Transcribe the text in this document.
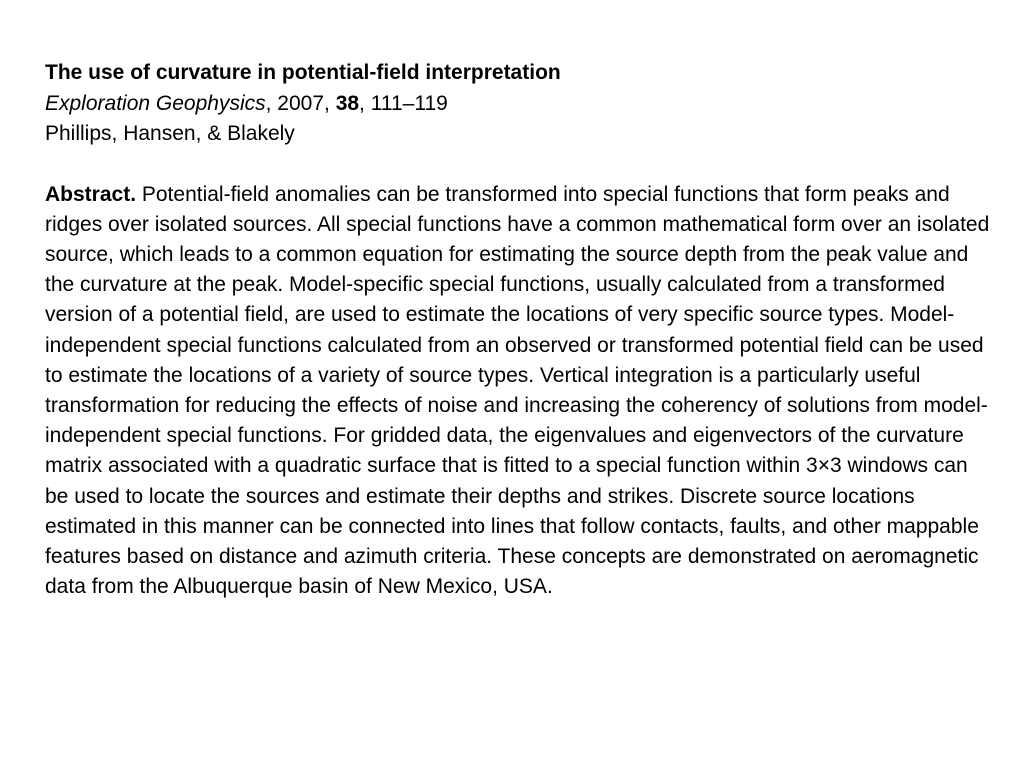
The use of curvature in potential-field interpretation
Exploration Geophysics, 2007, 38, 111–119
Phillips, Hansen, & Blakely
Abstract. Potential-field anomalies can be transformed into special functions that form peaks and ridges over isolated sources. All special functions have a common mathematical form over an isolated source, which leads to a common equation for estimating the source depth from the peak value and the curvature at the peak. Model-specific special functions, usually calculated from a transformed version of a potential field, are used to estimate the locations of very specific source types. Model-independent special functions calculated from an observed or transformed potential field can be used to estimate the locations of a variety of source types. Vertical integration is a particularly useful transformation for reducing the effects of noise and increasing the coherency of solutions from model-independent special functions. For gridded data, the eigenvalues and eigenvectors of the curvature matrix associated with a quadratic surface that is fitted to a special function within 3×3 windows can be used to locate the sources and estimate their depths and strikes. Discrete source locations estimated in this manner can be connected into lines that follow contacts, faults, and other mappable features based on distance and azimuth criteria. These concepts are demonstrated on aeromagnetic data from the Albuquerque basin of New Mexico, USA.
